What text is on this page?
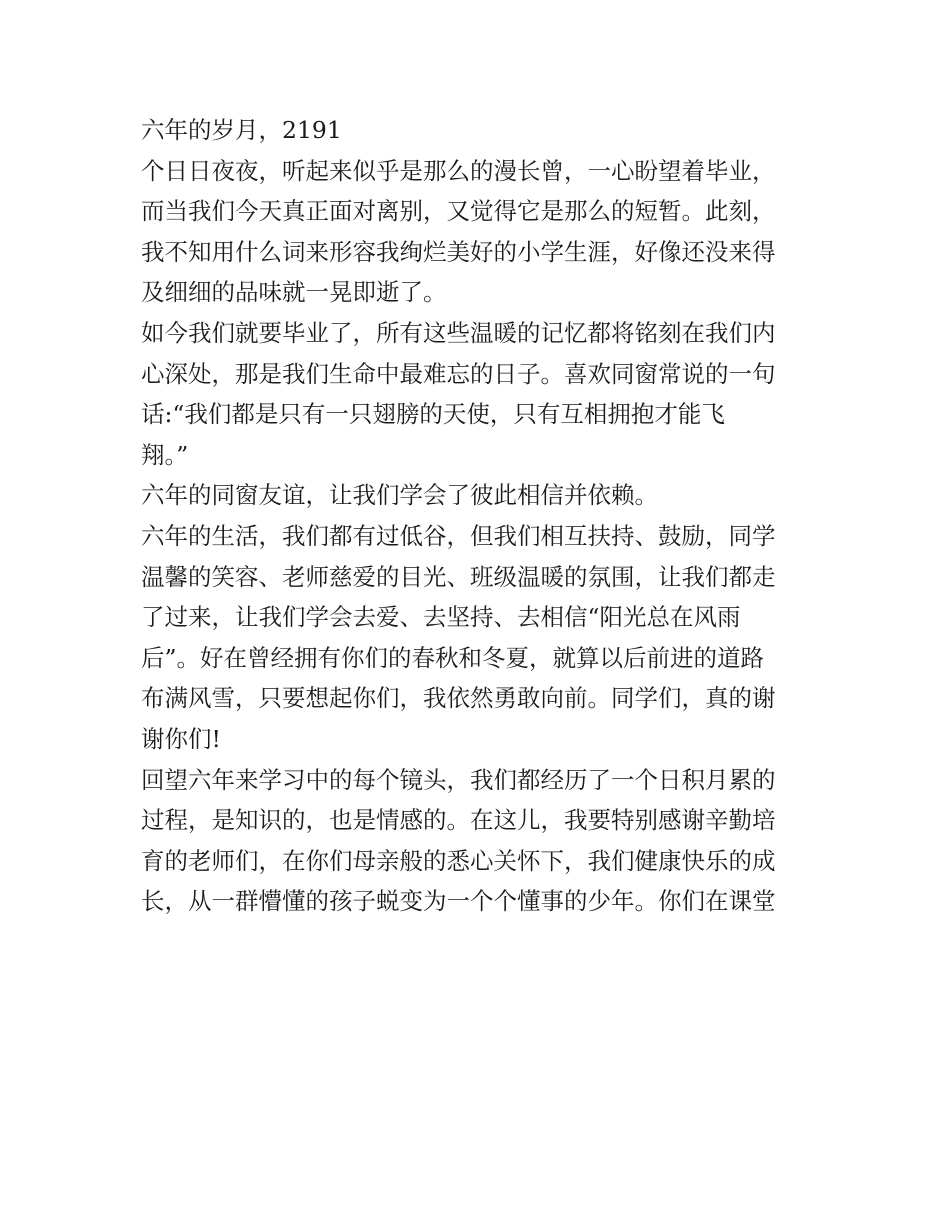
六年的岁月，2191
个日日夜夜，听起来似乎是那么的漫长曾，一心盼望着毕业，
而当我们今天真正面对离别，又觉得它是那么的短暂。此刻，
我不知用什么词来形容我绚烂美好的小学生涯，好像还没来得
及细细的品味就一晃即逝了。
如今我们就要毕业了，所有这些温暖的记忆都将铭刻在我们内
心深处，那是我们生命中最难忘的日子。喜欢同窗常说的一句
话:“我们都是只有一只翅膀的天使，只有互相拥抱才能飞
翔。”
六年的同窗友谊，让我们学会了彼此相信并依赖。
六年的生活，我们都有过低谷，但我们相互扶持、鼓励，同学
温馨的笑容、老师慈爱的目光、班级温暖的氛围，让我们都走
了过来，让我们学会去爱、去坚持、去相信“阳光总在风雨
后”。好在曾经拥有你们的春秋和冬夏，就算以后前进的道路
布满风雪，只要想起你们，我依然勇敢向前。同学们，真的谢
谢你们!
回望六年来学习中的每个镜头，我们都经历了一个日积月累的
过程，是知识的，也是情感的。在这儿，我要特别感谢辛勤培
育的老师们，在你们母亲般的悉心关怀下，我们健康快乐的成
长，从一群懵懂的孩子蜕变为一个个懂事的少年。你们在课堂
